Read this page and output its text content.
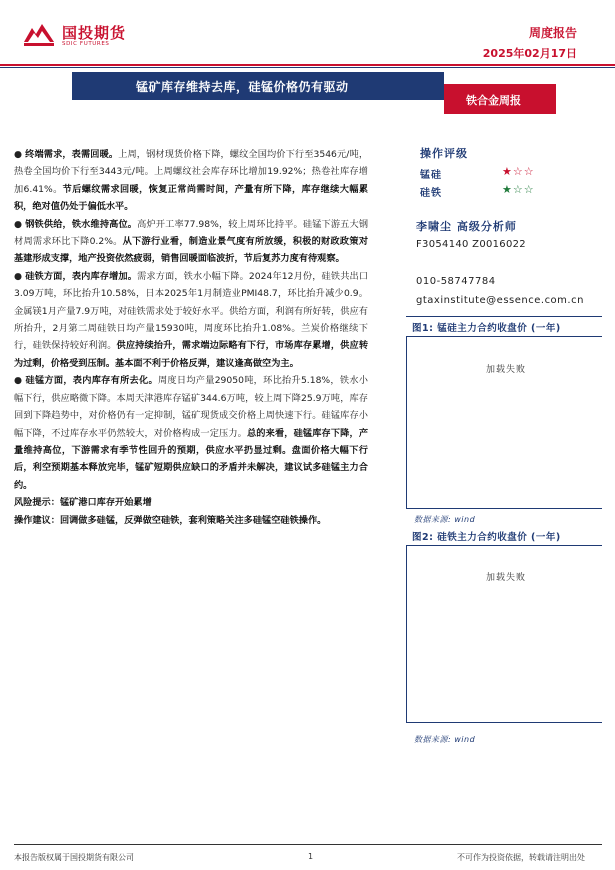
国投期货
SDIC FUTURES
周度报告
2025年02月17日
锰矿库存维持去库，硅锰价格仍有驱动
铁合金周报

● 终端需求，表需回暖。上周，钢材现货价格下降，螺纹全国均价下行至3546元/吨，热卷全国均价下行至3443元/吨。上周螺纹社会库存环比增加19.92%；热卷社库存增加6.41%。节后螺纹需求回暖，恢复正常尚需时间，产量有所下降，库存继续大幅累积，绝对值仍处于偏低水平。

● 钢铁供给，铁水维持高位。高炉开工率77.98%，较上周环比持平。硅锰下游五大钢材周需求环比下降0.2%。从下游行业看，制造业景气度有所放缓，积极的财政政策对基建形成支撑，地产投资依然疲弱，销售回暖面临波折，节后复苏力度有待观察。

● 硅铁方面，表内库存增加。需求方面，铁水小幅下降。2024年12月份，硅铁共出口3.09万吨，环比抬升10.58%，日本2025年1月制造业PMI48.7，环比抬升减少0.9。金属镁1月产量7.9万吨，对硅铁需求处于较好水平。供给方面，利润有所好转，供应有所抬升，2月第二周硅铁日均产量15930吨，周度环比抬升1.08%。兰炭价格继续下行，硅铁保持较好利润。供应持续抬升，需求端边际略有下行，市场库存累增，供应转为过剩，价格受到压制。基本面不利于价格反弹，建议逢高做空为主。

● 硅锰方面，表内库存有所去化。周度日均产量29050吨，环比抬升5.18%，铁水小幅下行，供应略微下降。本周天津港库存锰矿344.6万吨，较上周下降25.9万吨，库存回到下降趋势中，对价格仍有一定抑制，锰矿现货成交价格上周快速下行。硅锰库存小幅下降，不过库存水平仍然较大，对价格构成一定压力。总的来看，硅锰库存下降，产量维持高位，下游需求有季节性回升的预期，供应水平扔显过剩。盘面价格大幅下行后，利空预期基本释放完毕，锰矿短期供应缺口的矛盾并未解决，建议试多硅锰主力合约。

风险提示：锰矿港口库存开始累增

操作建议：回调做多硅锰，反弹做空硅铁，套利策略关注多硅锰空硅铁操作。

操作评级
锰硅	★☆☆
硅铁	★☆☆
李啸尘 高级分析师
F3054140 Z0016022
010-58747784
gtaxinstitute@essence.com.cn
图1: 锰硅主力合约收盘价 (一年)
加载失败
数据来源: wind
图2: 硅铁主力合约收盘价 (一年)
加载失败
数据来源: wind
本报告版权属于国投期货有限公司	1	不可作为投资依据，转载请注明出处
